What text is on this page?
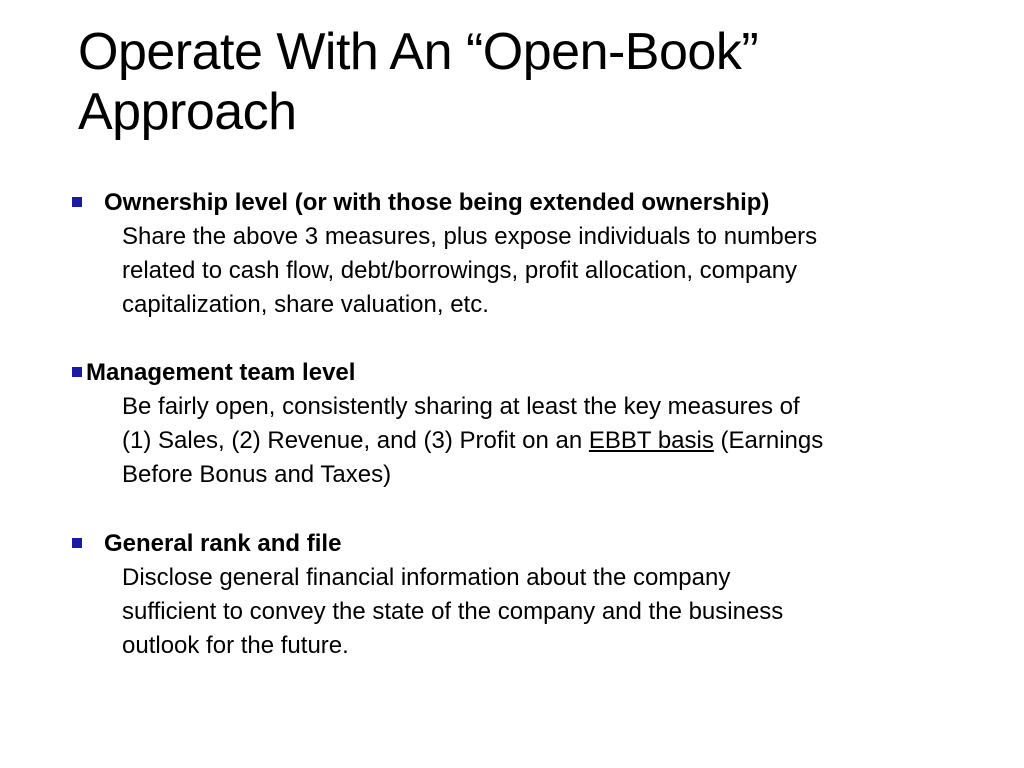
Operate With An “Open-Book”
Approach
Ownership level (or with those being extended ownership)
Share the above 3 measures, plus expose individuals to numbers
related to cash flow, debt/borrowings, profit allocation, company
capitalization, share valuation, etc.
Management team level
Be fairly open, consistently sharing at least the key measures of
(1) Sales, (2) Revenue, and (3) Profit on an EBBT basis (Earnings
Before Bonus and Taxes)
General rank and file
Disclose general financial information about the company
sufficient to convey the state of the company and the business
outlook for the future.
